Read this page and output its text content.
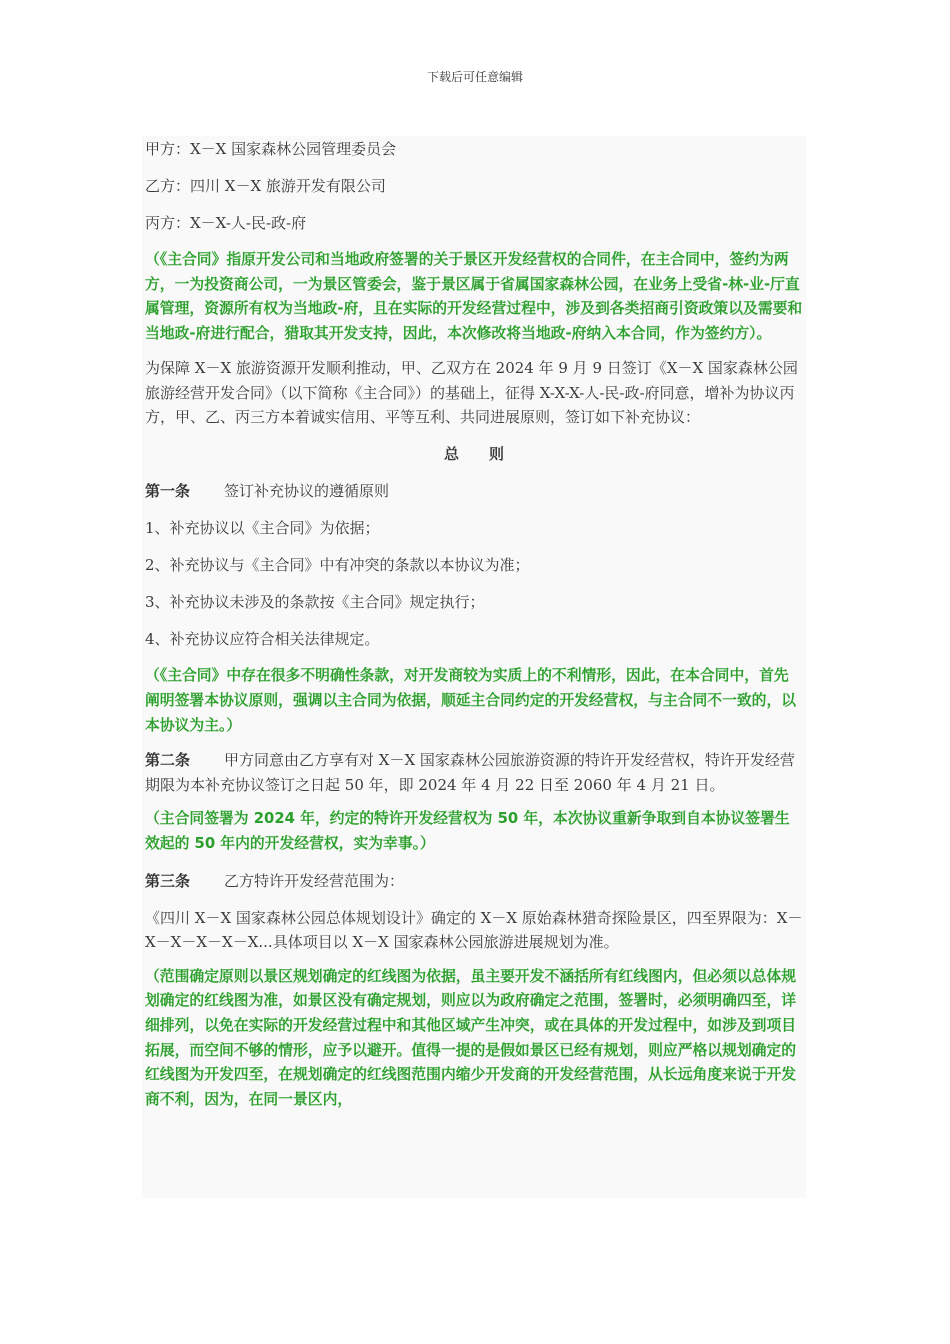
下载后可任意编辑

甲方：X－X 国家森林公园管理委员会

乙方：四川 X－X 旅游开发有限公司

丙方：X－X-人-民-政-府

（《主合同》指原开发公司和当地政府签署的关于景区开发经营权的合同件，在主合同中，签约为两方，一为投资商公司，一为景区管委会，鉴于景区属于省属国家森林公园，在业务上受省-林-业-厅直属管理，资源所有权为当地政-府，且在实际的开发经营过程中，涉及到各类招商引资政策以及需要和当地政-府进行配合，猎取其开发支持，因此，本次修改将当地政-府纳入本合同，作为签约方）。

为保障 X－X 旅游资源开发顺利推动，甲、乙双方在 2024 年 9 月 9 日签订《X－X 国家森林公园旅游经营开发合同》（以下简称《主合同》）的基础上，征得 X-X-X-人-民-政-府同意，增补为协议丙方，甲、乙、丙三方本着诚实信用、平等互利、共同进展原则，签订如下补充协议：

总 则

第一条 签订补充协议的遵循原则

1、补充协议以《主合同》为依据；

2、补充协议与《主合同》中有冲突的条款以本协议为准；

3、补充协议未涉及的条款按《主合同》规定执行；

4、补充协议应符合相关法律规定。

（《主合同》中存在很多不明确性条款，对开发商较为实质上的不利情形，因此，在本合同中，首先阐明签署本协议原则，强调以主合同为依据，顺延主合同约定的开发经营权，与主合同不一致的，以本协议为主。）

第二条 甲方同意由乙方享有对 X－X 国家森林公园旅游资源的特许开发经营权，特许开发经营期限为本补充协议签订之日起 50 年，即 2024 年 4 月 22 日至 2060 年 4 月 21 日。

（主合同签署为 2024 年，约定的特许开发经营权为 50 年，本次协议重新争取到自本协议签署生效起的 50 年内的开发经营权，实为幸事。）

第三条 乙方特许开发经营范围为：

《四川 X－X 国家森林公园总体规划设计》确定的 X－X 原始森林猎奇探险景区，四至界限为：X－X－X－X－X－X...具体项目以 X－X 国家森林公园旅游进展规划为准。

（范围确定原则以景区规划确定的红线图为依据，虽主要开发不涵括所有红线图内，但必须以总体规划确定的红线图为准，如景区没有确定规划，则应以为政府确定之范围，签署时，必须明确四至，详细排列，以免在实际的开发经营过程中和其他区域产生冲突，或在具体的开发过程中，如涉及到项目拓展，而空间不够的情形，应予以避开。值得一提的是假如景区已经有规划，则应严格以规划确定的红线图为开发四至，在规划确定的红线图范围内缩少开发商的开发经营范围，从长远角度来说于开发商不利，因为，在同一景区内，
